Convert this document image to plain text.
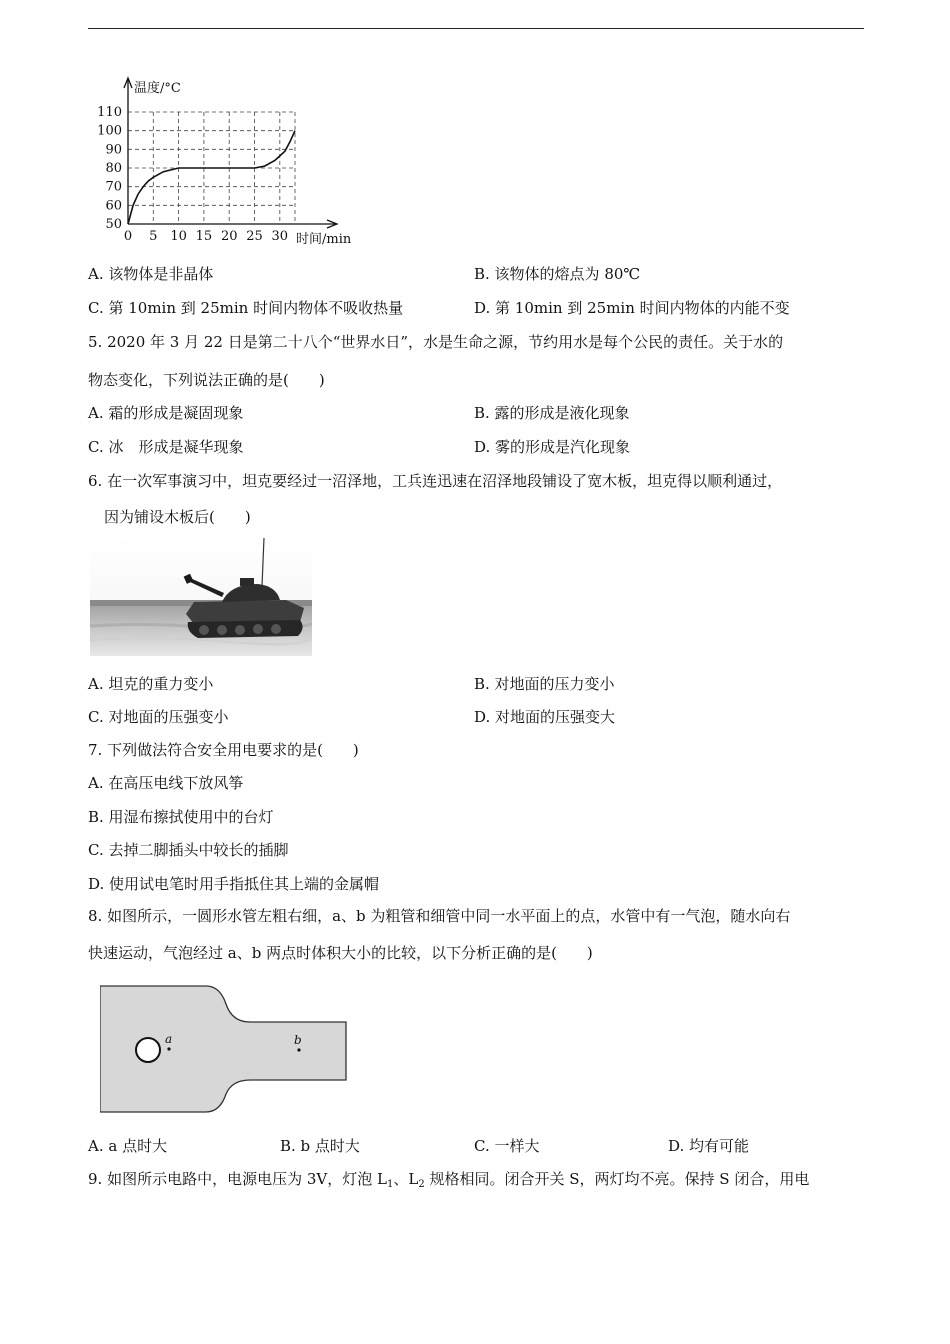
50
60
70
80
90
100
110
0 5 10 15 20 25 30
温度/°C
时间/min
A. 该物体是非晶体	B. 该物体的熔点为 80℃
C. 第 10min 到 25min 时间内物体不吸收热量	D. 第 10min 到 25min 时间内物体的内能不变
5. 2020 年 3 月 22 日是第二十八个“世界水日”，水是生命之源，节约用水是每个公民的责任。关于水的
物态变化，下列说法正确的是(　　)
A. 霜的形成是凝固现象	B. 露的形成是液化现象
C. 冰　形成是凝华现象	D. 雾的形成是汽化现象
6. 在一次军事演习中，坦克要经过一沼泽地，工兵连迅速在沼泽地段铺设了宽木板，坦克得以顺利通过，
因为铺设木板后(　　)
A. 坦克的重力变小	B. 对地面的压力变小
C. 对地面的压强变小	D. 对地面的压强变大
7. 下列做法符合安全用电要求的是(　　)
A. 在高压电线下放风筝
B. 用湿布擦拭使用中的台灯
C. 去掉二脚插头中较长的插脚
D. 使用试电笔时用手指抵住其上端的金属帽
8. 如图所示，一圆形水管左粗右细，a、b 为粗管和细管中同一水平面上的点，水管中有一气泡，随水向右
快速运动，气泡经过 a、b 两点时体积大小的比较，以下分析正确的是(　　)
a	b
A. a 点时大	B. b 点时大	C. 一样大	D. 均有可能
9. 如图所示电路中，电源电压为 3V，灯泡 $L_1$、$L_2$ 规格相同。闭合开关 S，两灯均不亮。保持 S 闭合，用电
